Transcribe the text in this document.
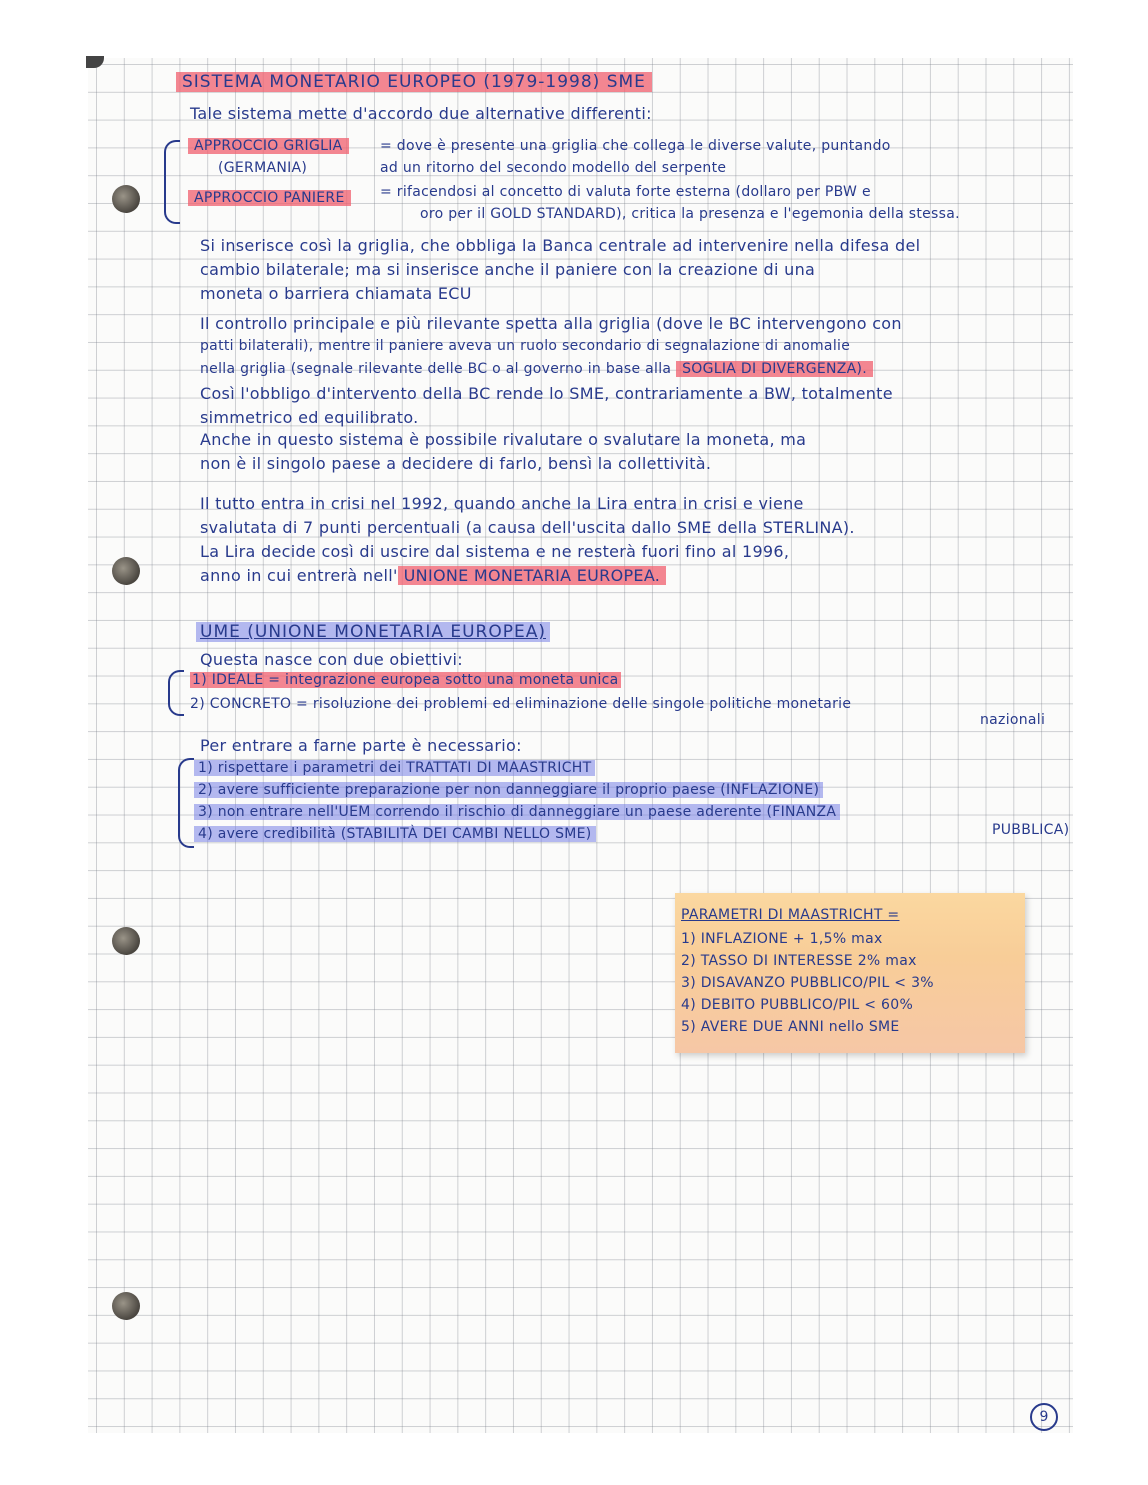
SISTEMA MONETARIO EUROPEO (1979-1998) SME
Tale sistema mette d'accordo due alternative differenti:
APPROCCIO GRIGLIA	= dove è presente una griglia che collega le diverse valute, puntando
(GERMANIA)	ad un ritorno del secondo modello del serpente
APPROCCIO PANIERE	= rifacendosi al concetto di valuta forte esterna (dollaro per PBW e
oro per il GOLD STANDARD), critica la presenza e l'egemonia della stessa.
Si inserisce così la griglia, che obbliga la Banca centrale ad intervenire nella difesa del
cambio bilaterale; ma si inserisce anche il paniere con la creazione di una
moneta o barriera chiamata ECU
Il controllo principale e più rilevante spetta alla griglia (dove le BC intervengono con
patti bilaterali), mentre il paniere aveva un ruolo secondario di segnalazione di anomalie
nella griglia (segnale rilevante delle BC o al governo in base alla SOGLIA DI DIVERGENZA).
Così l'obbligo d'intervento della BC rende lo SME, contrariamente a BW, totalmente
simmetrico ed equilibrato.
Anche in questo sistema è possibile rivalutare o svalutare la moneta, ma
non è il singolo paese a decidere di farlo, bensì la collettività.
Il tutto entra in crisi nel 1992, quando anche la Lira entra in crisi e viene
svalutata di 7 punti percentuali (a causa dell'uscita dallo SME della STERLINA).
La Lira decide così di uscire dal sistema e ne resterà fuori fino al 1996,
anno in cui entrerà nell' UNIONE MONETARIA EUROPEA.
UME (UNIONE MONETARIA EUROPEA)
Questa nasce con due obiettivi:
1) IDEALE = integrazione europea sotto una moneta unica
2) CONCRETO = risoluzione dei problemi ed eliminazione delle singole politiche monetarie
nazionali
Per entrare a farne parte è necessario:
1) rispettare i parametri dei TRATTATI DI MAASTRICHT
2) avere sufficiente preparazione per non danneggiare il proprio paese (INFLAZIONE)
3) non entrare nell'UEM correndo il rischio di danneggiare un paese aderente (FINANZA
4) avere credibilità (STABILITÀ DEI CAMBI NELLO SME)	PUBBLICA)
PARAMETRI DI MAASTRICHT =
1) INFLAZIONE + 1,5% max
2) TASSO DI INTERESSE 2% max
3) DISAVANZO PUBBLICO/PIL < 3%
4) DEBITO PUBBLICO/PIL < 60%
5) AVERE DUE ANNI nello SME
9
